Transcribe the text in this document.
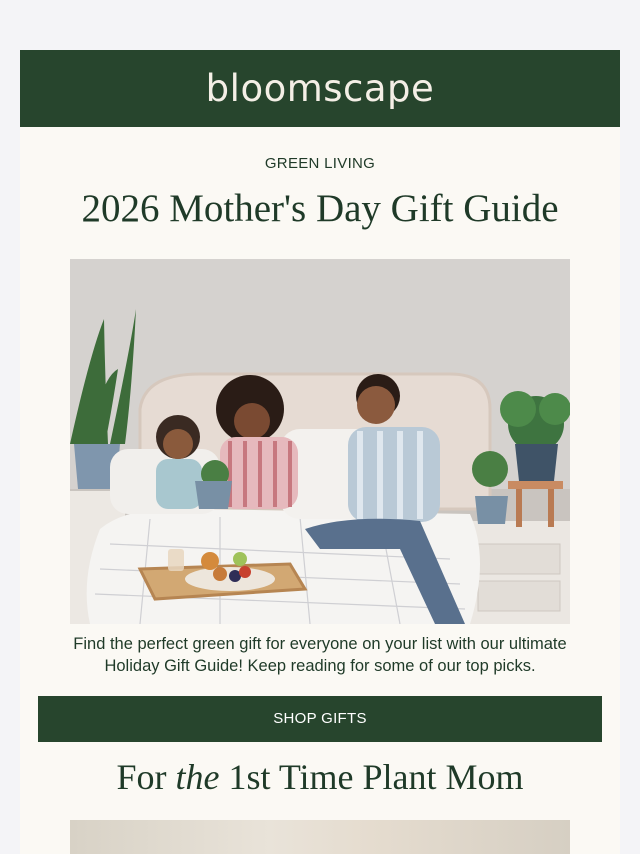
bloomscape
GREEN LIVING
2026 Mother's Day Gift Guide
Find the perfect green gift for everyone on your list with our ultimate Holiday Gift Guide! Keep reading for some of our top picks.
SHOP GIFTS
For the 1st Time Plant Mom
